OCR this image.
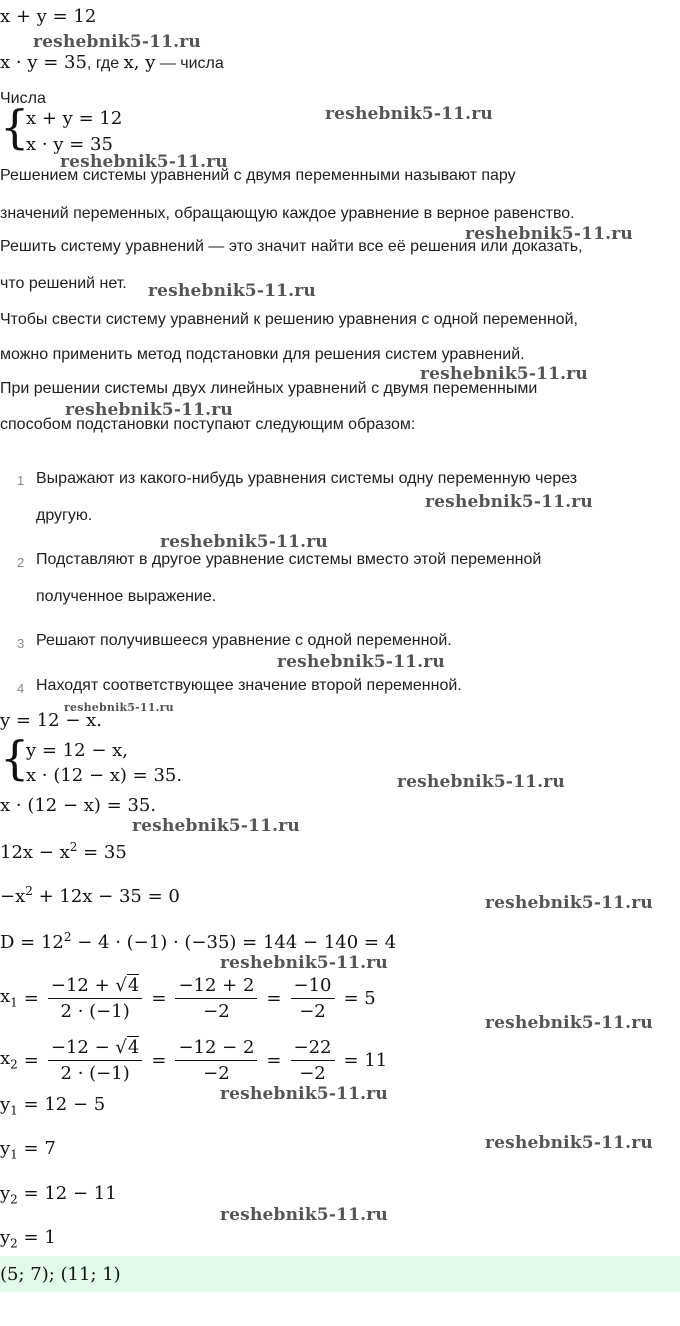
x + y = 12
reshebnik5-11.ru
x · y = 35, где x, y — числа
Числа
{
x + y = 12
x · y = 35
reshebnik5-11.ru
reshebnik5-11.ru
Решением системы уравнений с двумя переменными называют пару
значений переменных, обращающую каждое уравнение в верное равенство.
reshebnik5-11.ru
Решить систему уравнений — это значит найти все её решения или доказать,
что решений нет. reshebnik5-11.ru
Чтобы свести систему уравнений к решению уравнения с одной переменной,
можно применить метод подстановки для решения систем уравнений.
reshebnik5-11.ru
При решении системы двух линейных уравнений с двумя переменными
reshebnik5-11.ru
способом подстановки поступают следующим образом:
1 Выражают из какого-нибудь уравнения системы одну переменную через
reshebnik5-11.ru
другую.
reshebnik5-11.ru
2 Подставляют в другое уравнение системы вместо этой переменной
полученное выражение.
3 Решают получившееся уравнение с одной переменной.
reshebnik5-11.ru
4 Находят соответствующее значение второй переменной.
reshebnik5-11.ru
y = 12 − x.
{
y = 12 − x,
x · (12 − x) = 35.	reshebnik5-11.ru
x · (12 − x) = 35.
reshebnik5-11.ru
$12x - x^2 = 35$
$-x^2 + 12x - 35 = 0$	reshebnik5-11.ru
$D = 12^2 - 4 \cdot (-1) \cdot (-35) = 144 - 140 = 4$
reshebnik5-11.ru
$x_1 = \frac{-12 + √4}{2 \cdot (-1)} = \frac{-12 + 2}{-2} = \frac{-10}{-2} = 5$
reshebnik5-11.ru
$x_2 = \frac{-12 - √4}{2 \cdot (-1)} = \frac{-12 - 2}{-2} = \frac{-22}{-2} = 11$
$y_1 = 12 - 5$	reshebnik5-11.ru
$y_1 = 7$	reshebnik5-11.ru
$y_2 = 12 - 11$
reshebnik5-11.ru
$y_2 = 1$
(5; 7); (11; 1)
